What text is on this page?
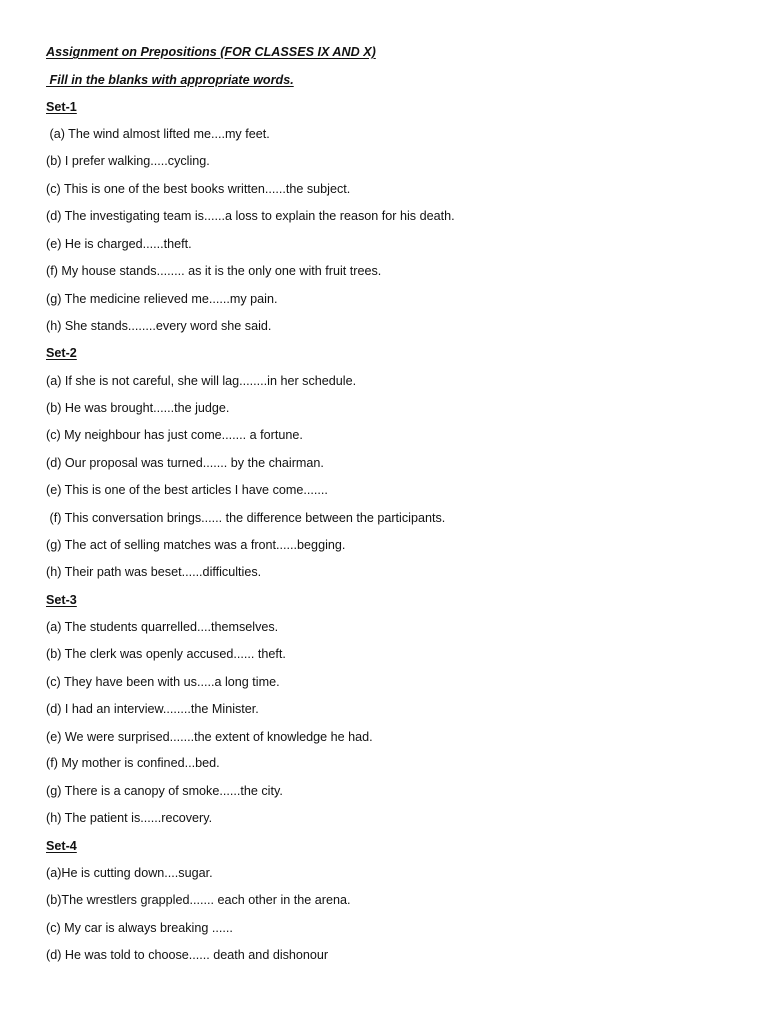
Assignment on Prepositions (FOR CLASSES IX AND X)
Fill in the blanks with appropriate words.
Set-1
(a) The wind almost lifted me....my feet.
(b) I prefer walking.....cycling.
(c) This is one of the best books written......the subject.
(d) The investigating team is......a loss to explain the reason for his death.
(e) He is charged......theft.
(f) My house stands........ as it is the only one with fruit trees.
(g) The medicine relieved me......my pain.
(h) She stands........every word she said.
Set-2
(a) If she is not careful, she will lag........in her schedule.
(b) He was brought......the judge.
(c) My neighbour has just come....... a fortune.
(d) Our proposal was turned....... by the chairman.
(e) This is one of the best articles I have come.......
(f) This conversation brings...... the difference between the participants.
(g) The act of selling matches was a front......begging.
(h) Their path was beset......difficulties.
Set-3
(a) The students quarrelled....themselves.
(b) The clerk was openly accused...... theft.
(c) They have been with us.....a long time.
(d) I had an interview........the Minister.
(e) We were surprised.......the extent of knowledge he had.
(f) My mother is confined...bed.
(g) There is a canopy of smoke......the city.
(h) The patient is......recovery.
Set-4
(a)He is cutting down....sugar.
(b)The wrestlers grappled....... each other in the arena.
(c) My car is always breaking ......
(d) He was told to choose...... death and dishonour
